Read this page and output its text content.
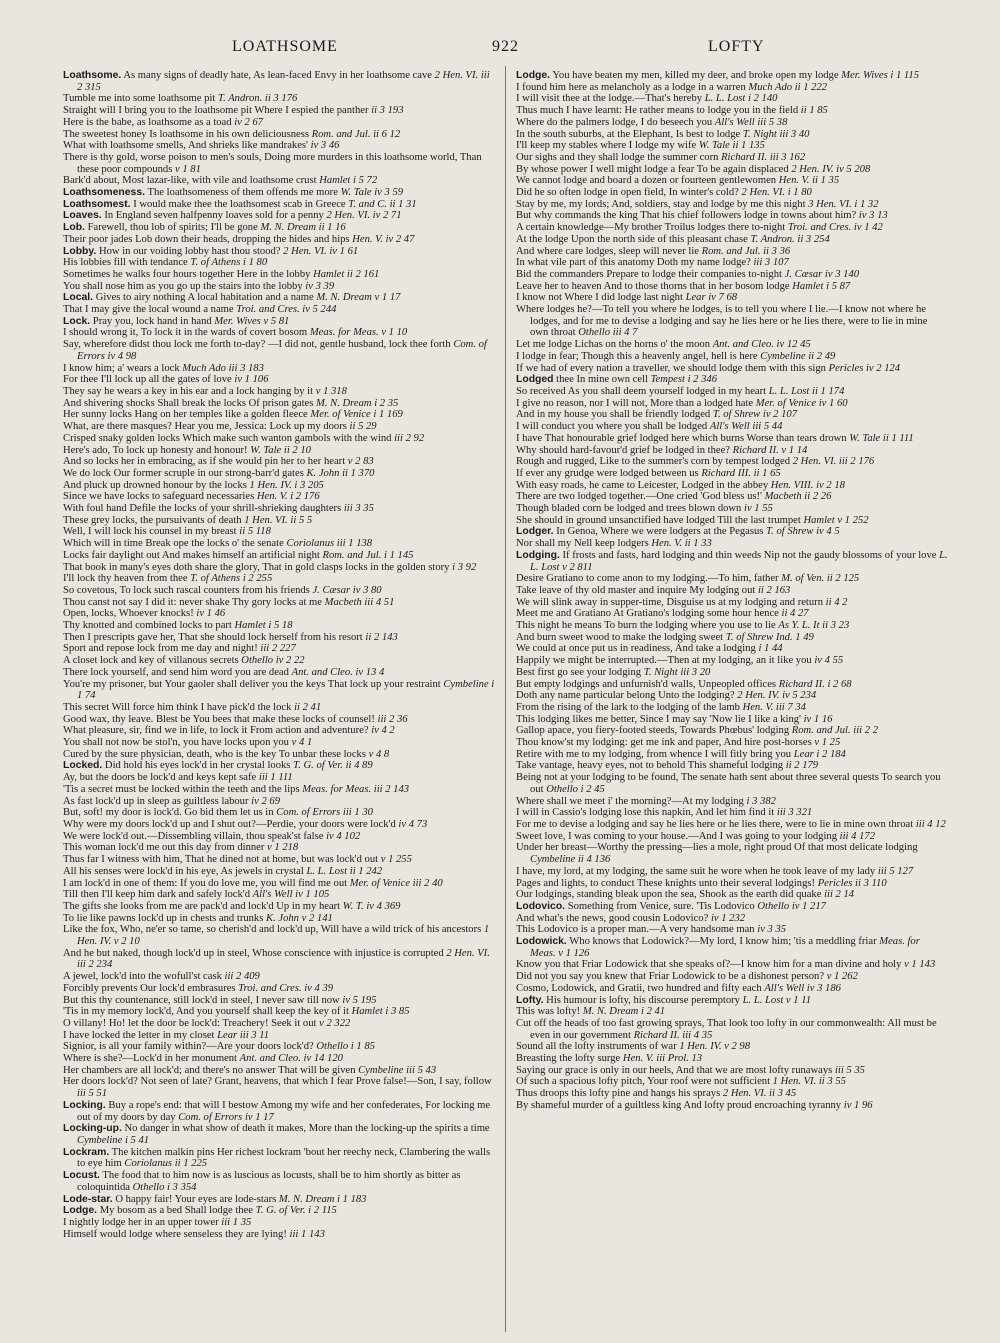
LOATHSOME	922	LOFTY

Loathsome. As many signs of deadly hate, As lean-faced Envy in her loathsome cave 2 Hen. VI. iii 2 315

Tumble me into some loathsome pit T. Andron. ii 3 176

Straight will I bring you to the loathsome pit Where I espied the panther ii 3 193

Here is the babe, as loathsome as a toad iv 2 67

The sweetest honey Is loathsome in his own deliciousness Rom. and Jul. ii 6 12

What with loathsome smells, And shrieks like mandrakes' iv 3 46

There is thy gold, worse poison to men's souls, Doing more murders in this loathsome world, Than these poor compounds v 1 81

Bark'd about, Most lazar-like, with vile and loathsome crust Hamlet i 5 72

Loathsomeness. The loathsomeness of them offends me more W. Tale iv 3 59

Loathsomest. I would make thee the loathsomest scab in Greece T. and C. ii 1 31

Loaves. In England seven halfpenny loaves sold for a penny 2 Hen. VI. iv 2 71

Lob. Farewell, thou lob of spirits; I'll be gone M. N. Dream ii 1 16

Their poor jades Lob down their heads, dropping the hides and hips Hen. V. iv 2 47

Lobby. How in our voiding lobby hast thou stood? 2 Hen. VI. iv 1 61

His lobbies fill with tendance T. of Athens i 1 80

Sometimes he walks four hours together Here in the lobby Hamlet ii 2 161

You shall nose him as you go up the stairs into the lobby iv 3 39

Local. Gives to airy nothing A local habitation and a name M. N. Dream v 1 17

That I may give the local wound a name Troi. and Cres. iv 5 244

Lock. Pray you, lock hand in hand Mer. Wives v 5 81

I should wrong it, To lock it in the wards of covert bosom Meas. for Meas. v 1 10

Say, wherefore didst thou lock me forth to-day? —I did not, gentle husband, lock thee forth Com. of Errors iv 4 98

I know him; a' wears a lock Much Ado iii 3 183

For thee I'll lock up all the gates of love iv 1 106

They say he wears a key in his ear and a lock hanging by it v 1 318

And shivering shocks Shall break the locks Of prison gates M. N. Dream i 2 35

Her sunny locks Hang on her temples like a golden fleece Mer. of Venice i 1 169

What, are there masques? Hear you me, Jessica: Lock up my doors ii 5 29

Crisped snaky golden locks Which make such wanton gambols with the wind iii 2 92

Here's ado, To lock up honesty and honour! W. Tale ii 2 10

And so locks her in embracing, as if she would pin her to her heart v 2 83

We do lock Our former scruple in our strong-barr'd gates K. John ii 1 370

And pluck up drowned honour by the locks 1 Hen. IV. i 3 205

Since we have locks to safeguard necessaries Hen. V. i 2 176

With foul hand Defile the locks of your shrill-shrieking daughters iii 3 35

These grey locks, the pursuivants of death 1 Hen. VI. ii 5 5

Well, I will lock his counsel in my breast ii 5 118

Which will in time Break ope the locks o' the senate Coriolanus iii 1 138

Locks fair daylight out And makes himself an artificial night Rom. and Jul. i 1 145

That book in many's eyes doth share the glory, That in gold clasps locks in the golden story i 3 92

I'll lock thy heaven from thee T. of Athens i 2 255

So covetous, To lock such rascal counters from his friends J. Cæsar iv 3 80

Thou canst not say I did it: never shake Thy gory locks at me Macbeth iii 4 51

Open, locks, Whoever knocks! iv 1 46

Thy knotted and combined locks to part Hamlet i 5 18

Then I prescripts gave her, That she should lock herself from his resort ii 2 143

Sport and repose lock from me day and night! iii 2 227

A closet lock and key of villanous secrets Othello iv 2 22

There lock yourself, and send him word you are dead Ant. and Cleo. iv 13 4

You're my prisoner, but Your gaoler shall deliver you the keys That lock up your restraint Cymbeline i 1 74

This secret Will force him think I have pick'd the lock ii 2 41

Good wax, thy leave. Blest be You bees that make these locks of counsel! iii 2 36

What pleasure, sir, find we in life, to lock it From action and adventure? iv 4 2

You shall not now be stol'n, you have locks upon you v 4 1

Cured by the sure physician, death, who is the key To unbar these locks v 4 8

Locked. Did hold his eyes lock'd in her crystal looks T. G. of Ver. ii 4 89

Ay, but the doors be lock'd and keys kept safe iii 1 111

'Tis a secret must be locked within the teeth and the lips Meas. for Meas. iii 2 143

As fast lock'd up in sleep as guiltless labour iv 2 69

But, soft! my door is lock'd. Go bid them let us in Com. of Errors iii 1 30

Why were my doors lock'd up and I shut out?—Perdie, your doors were lock'd iv 4 73

We were lock'd out.—Dissembling villain, thou speak'st false iv 4 102

This woman lock'd me out this day from dinner v 1 218

Thus far I witness with him, That he dined not at home, but was lock'd out v 1 255

All his senses were lock'd in his eye, As jewels in crystal L. L. Lost ii 1 242

I am lock'd in one of them: If you do love me, you will find me out Mer. of Venice iii 2 40

Till then I'll keep him dark and safely lock'd All's Well iv 1 105

The gifts she looks from me are pack'd and lock'd Up in my heart W. T. iv 4 369

To lie like pawns lock'd up in chests and trunks K. John v 2 141

Like the fox, Who, ne'er so tame, so cherish'd and lock'd up, Will have a wild trick of his ancestors 1 Hen. IV. v 2 10

And he but naked, though lock'd up in steel, Whose conscience with injustice is corrupted 2 Hen. VI. iii 2 234

A jewel, lock'd into the wofull'st cask iii 2 409

Forcibly prevents Our lock'd embrasures Troi. and Cres. iv 4 39

But this thy countenance, still lock'd in steel, I never saw till now iv 5 195

'Tis in my memory lock'd, And you yourself shall keep the key of it Hamlet i 3 85

O villany! Ho! let the door be lock'd: Treachery! Seek it out v 2 322

I have locked the letter in my closet Lear iii 3 11

Signior, is all your family within?—Are your doors lock'd? Othello i 1 85

Where is she?—Lock'd in her monument Ant. and Cleo. iv 14 120

Her chambers are all lock'd; and there's no answer That will be given Cymbeline iii 5 43

Her doors lock'd? Not seen of late? Grant, heavens, that which I fear Prove false!—Son, I say, follow iii 5 51

Locking. Buy a rope's end: that will I bestow Among my wife and her confederates, For locking me out of my doors by day Com. of Errors iv 1 17

Locking-up. No danger in what show of death it makes, More than the locking-up the spirits a time Cymbeline i 5 41

Lockram. The kitchen malkin pins Her richest lockram 'bout her reechy neck, Clambering the walls to eye him Coriolanus ii 1 225

Locust. The food that to him now is as luscious as locusts, shall be to him shortly as bitter as coloquintida Othello i 3 354

Lode-star. O happy fair! Your eyes are lode-stars M. N. Dream i 1 183

Lodge. My bosom as a bed Shall lodge thee T. G. of Ver. i 2 115

I nightly lodge her in an upper tower iii 1 35

Himself would lodge where senseless they are lying! iii 1 143

Lodge. You have beaten my men, killed my deer, and broke open my lodge Mer. Wives i 1 115

I found him here as melancholy as a lodge in a warren Much Ado ii 1 222

I will visit thee at the lodge.—That's hereby L. L. Lost i 2 140

Thus much I have learnt: He rather means to lodge you in the field ii 1 85

Where do the palmers lodge, I do beseech you All's Well iii 5 38

In the south suburbs, at the Elephant, Is best to lodge T. Night iii 3 40

I'll keep my stables where I lodge my wife W. Tale ii 1 135

Our sighs and they shall lodge the summer corn Richard II. iii 3 162

By whose power I well might lodge a fear To be again displaced 2 Hen. IV. iv 5 208

We cannot lodge and board a dozen or fourteen gentlewomen Hen. V. ii 1 35

Did he so often lodge in open field, In winter's cold? 2 Hen. VI. i 1 80

Stay by me, my lords; And, soldiers, stay and lodge by me this night 3 Hen. VI. i 1 32

But why commands the king That his chief followers lodge in towns about him? iv 3 13

A certain knowledge—My brother Troilus lodges there to-night Troi. and Cres. iv 1 42

At the lodge Upon the north side of this pleasant chase T. Andron. ii 3 254

And where care lodges, sleep will never lie Rom. and Jul. ii 3 36

In what vile part of this anatomy Doth my name lodge? iii 3 107

Bid the commanders Prepare to lodge their companies to-night J. Cæsar iv 3 140

Leave her to heaven And to those thorns that in her bosom lodge Hamlet i 5 87

I know not Where I did lodge last night Lear iv 7 68

Where lodges he?—To tell you where he lodges, is to tell you where I lie.—I know not where he lodges, and for me to devise a lodging and say he lies here or he lies there, were to lie in mine own throat Othello iii 4 7

Let me lodge Lichas on the horns o' the moon Ant. and Cleo. iv 12 45

I lodge in fear; Though this a heavenly angel, hell is here Cymbeline ii 2 49

If we had of every nation a traveller, we should lodge them with this sign Pericles iv 2 124

Lodged thee In mine own cell Tempest i 2 346

So received As you shall deem yourself lodged in my heart L. L. Lost ii 1 174

I give no reason, nor I will not, More than a lodged hate Mer. of Venice iv 1 60

And in my house you shall be friendly lodged T. of Shrew iv 2 107

I will conduct you where you shall be lodged All's Well iii 5 44

I have That honourable grief lodged here which burns Worse than tears drown W. Tale ii 1 111

Why should hard-favour'd grief be lodged in thee? Richard II. v 1 14

Rough and rugged, Like to the summer's corn by tempest lodged 2 Hen. VI. iii 2 176

If ever any grudge were lodged between us Richard III. ii 1 65

With easy roads, he came to Leicester, Lodged in the abbey Hen. VIII. iv 2 18

There are two lodged together.—One cried 'God bless us!' Macbeth ii 2 26

Though bladed corn be lodged and trees blown down iv 1 55

She should in ground unsanctified have lodged Till the last trumpet Hamlet v 1 252

Lodger. In Genoa, Where we were lodgers at the Pegasus T. of Shrew iv 4 5

Nor shall my Nell keep lodgers Hen. V. ii 1 33

Lodging. If frosts and fasts, hard lodging and thin weeds Nip not the gaudy blossoms of your love L. L. Lost v 2 811

Desire Gratiano to come anon to my lodging.—To him, father M. of Ven. ii 2 125

Take leave of thy old master and inquire My lodging out ii 2 163

We will slink away in supper-time, Disguise us at my lodging and return ii 4 2

Meet me and Gratiano At Gratiano's lodging some hour hence ii 4 27

This night he means To burn the lodging where you use to lie As Y. L. It ii 3 23

And burn sweet wood to make the lodging sweet T. of Shrew Ind. 1 49

We could at once put us in readiness, And take a lodging i 1 44

Happily we might be interrupted.—Then at my lodging, an it like you iv 4 55

Best first go see your lodging T. Night iii 3 20

But empty lodgings and unfurnish'd walls, Unpeopled offices Richard II. i 2 68

Doth any name particular belong Unto the lodging? 2 Hen. IV. iv 5 234

From the rising of the lark to the lodging of the lamb Hen. V. iii 7 34

This lodging likes me better, Since I may say 'Now lie I like a king' iv 1 16

Gallop apace, you fiery-footed steeds, Towards Phœbus' lodging Rom. and Jul. iii 2 2

Thou know'st my lodging: get me ink and paper, And hire post-horses v 1 25

Retire with me to my lodging, from whence I will fitly bring you Lear i 2 184

Take vantage, heavy eyes, not to behold This shameful lodging ii 2 179

Being not at your lodging to be found, The senate hath sent about three several quests To search you out Othello i 2 45

Where shall we meet i' the morning?—At my lodging i 3 382

I will in Cassio's lodging lose this napkin, And let him find it iii 3 321

For me to devise a lodging and say he lies here or he lies there, were to lie in mine own throat iii 4 12

Sweet love, I was coming to your house.—And I was going to your lodging iii 4 172

Under her breast—Worthy the pressing—lies a mole, right proud Of that most delicate lodging Cymbeline ii 4 136

I have, my lord, at my lodging, the same suit he wore when he took leave of my lady iii 5 127

Pages and lights, to conduct These knights unto their several lodgings! Pericles ii 3 110

Our lodgings, standing bleak upon the sea, Shook as the earth did quake iii 2 14

Lodovico. Something from Venice, sure. 'Tis Lodovico Othello iv 1 217

And what's the news, good cousin Lodovico? iv 1 232

This Lodovico is a proper man.—A very handsome man iv 3 35

Lodowick. Who knows that Lodowick?—My lord, I know him; 'tis a meddling friar Meas. for Meas. v 1 126

Know you that Friar Lodowick that she speaks of?—I know him for a man divine and holy v 1 143

Did not you say you knew that Friar Lodowick to be a dishonest person? v 1 262

Cosmo, Lodowick, and Gratii, two hundred and fifty each All's Well iv 3 186

Lofty. His humour is lofty, his discourse peremptory L. L. Lost v 1 11

This was lofty! M. N. Dream i 2 41

Cut off the heads of too fast growing sprays, That look too lofty in our commonwealth: All must be even in our government Richard II. iii 4 35

Sound all the lofty instruments of war 1 Hen. IV. v 2 98

Breasting the lofty surge Hen. V. iii Prol. 13

Saying our grace is only in our heels, And that we are most lofty runaways iii 5 35

Of such a spacious lofty pitch, Your roof were not sufficient 1 Hen. VI. ii 3 55

Thus droops this lofty pine and hangs his sprays 2 Hen. VI. ii 3 45

By shameful murder of a guiltless king And lofty proud encroaching tyranny iv 1 96
